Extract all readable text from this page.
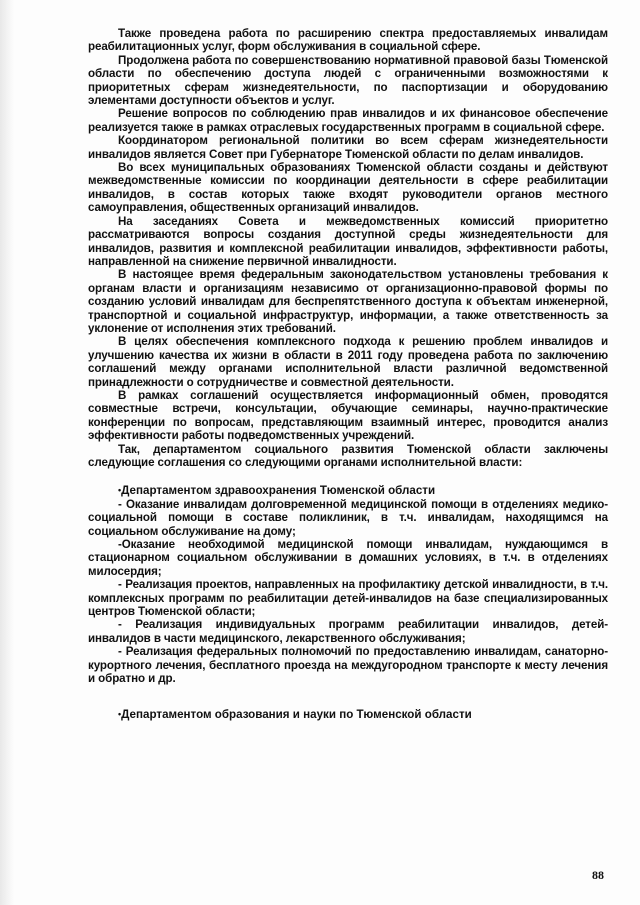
Также проведена работа по расширению спектра предоставляемых инвалидам реабилитационных услуг, форм обслуживания в социальной сфере.

Продолжена работа по совершенствованию нормативной правовой базы Тюменской области по обеспечению доступа людей с ограниченными возможностями к приоритетных сферам жизнедеятельности, по паспортизации и оборудованию элементами доступности объектов и услуг.

Решение вопросов по соблюдению прав инвалидов и их финансовое обеспечение реализуется также в рамках отраслевых государственных программ в социальной сфере.

Координатором региональной политики во всем сферам жизнедеятельности инвалидов является Совет при Губернаторе Тюменской области по делам инвалидов.

Во всех муниципальных образованиях Тюменской области созданы и действуют межведомственные комиссии по координации деятельности в сфере реабилитации инвалидов, в состав которых также входят руководители органов местного самоуправления, общественных организаций инвалидов.

На заседаниях Совета и межведомственных комиссий приоритетно рассматриваются вопросы создания доступной среды жизнедеятельности для инвалидов, развития и комплексной реабилитации инвалидов, эффективности работы, направленной на снижение первичной инвалидности.

В настоящее время федеральным законодательством установлены требования к органам власти и организациям независимо от организационно-правовой формы по созданию условий инвалидам для беспрепятственного доступа к объектам инженерной, транспортной и социальной инфраструктур, информации, а также ответственность за уклонение от исполнения этих требований.

В целях обеспечения комплексного подхода к решению проблем инвалидов и улучшению качества их жизни в области в 2011 году проведена работа по заключению соглашений между органами исполнительной власти различной ведомственной принадлежности о сотрудничестве и совместной деятельности.

В рамках соглашений осуществляется информационный обмен, проводятся совместные встречи, консультации, обучающие семинары, научно-практические конференции по вопросам, представляющим взаимный интерес, проводится анализ эффективности работы подведомственных учреждений.

Так, департаментом социального развития Тюменской области заключены следующие соглашения со следующими органами исполнительной власти:

•Департаментом здравоохранения Тюменской области

- Оказание инвалидам долговременной медицинской помощи в отделениях медико-социальной помощи в составе поликлиник, в т.ч. инвалидам, находящимся на социальном обслуживание на дому;

-Оказание необходимой медицинской помощи инвалидам, нуждающимся в стационарном социальном обслуживании в домашних условиях, в т.ч. в отделениях милосердия;

- Реализация проектов, направленных на профилактику детской инвалидности, в т.ч. комплексных программ по реабилитации детей-инвалидов на базе специализированных центров Тюменской области;

- Реализация индивидуальных программ реабилитации инвалидов, детей-инвалидов в части медицинского, лекарственного обслуживания;

- Реализация федеральных полномочий по предоставлению инвалидам, санаторно-курортного лечения, бесплатного проезда на междугородном транспорте к месту лечения и обратно и др.

•Департаментом образования и науки по Тюменской области

88
